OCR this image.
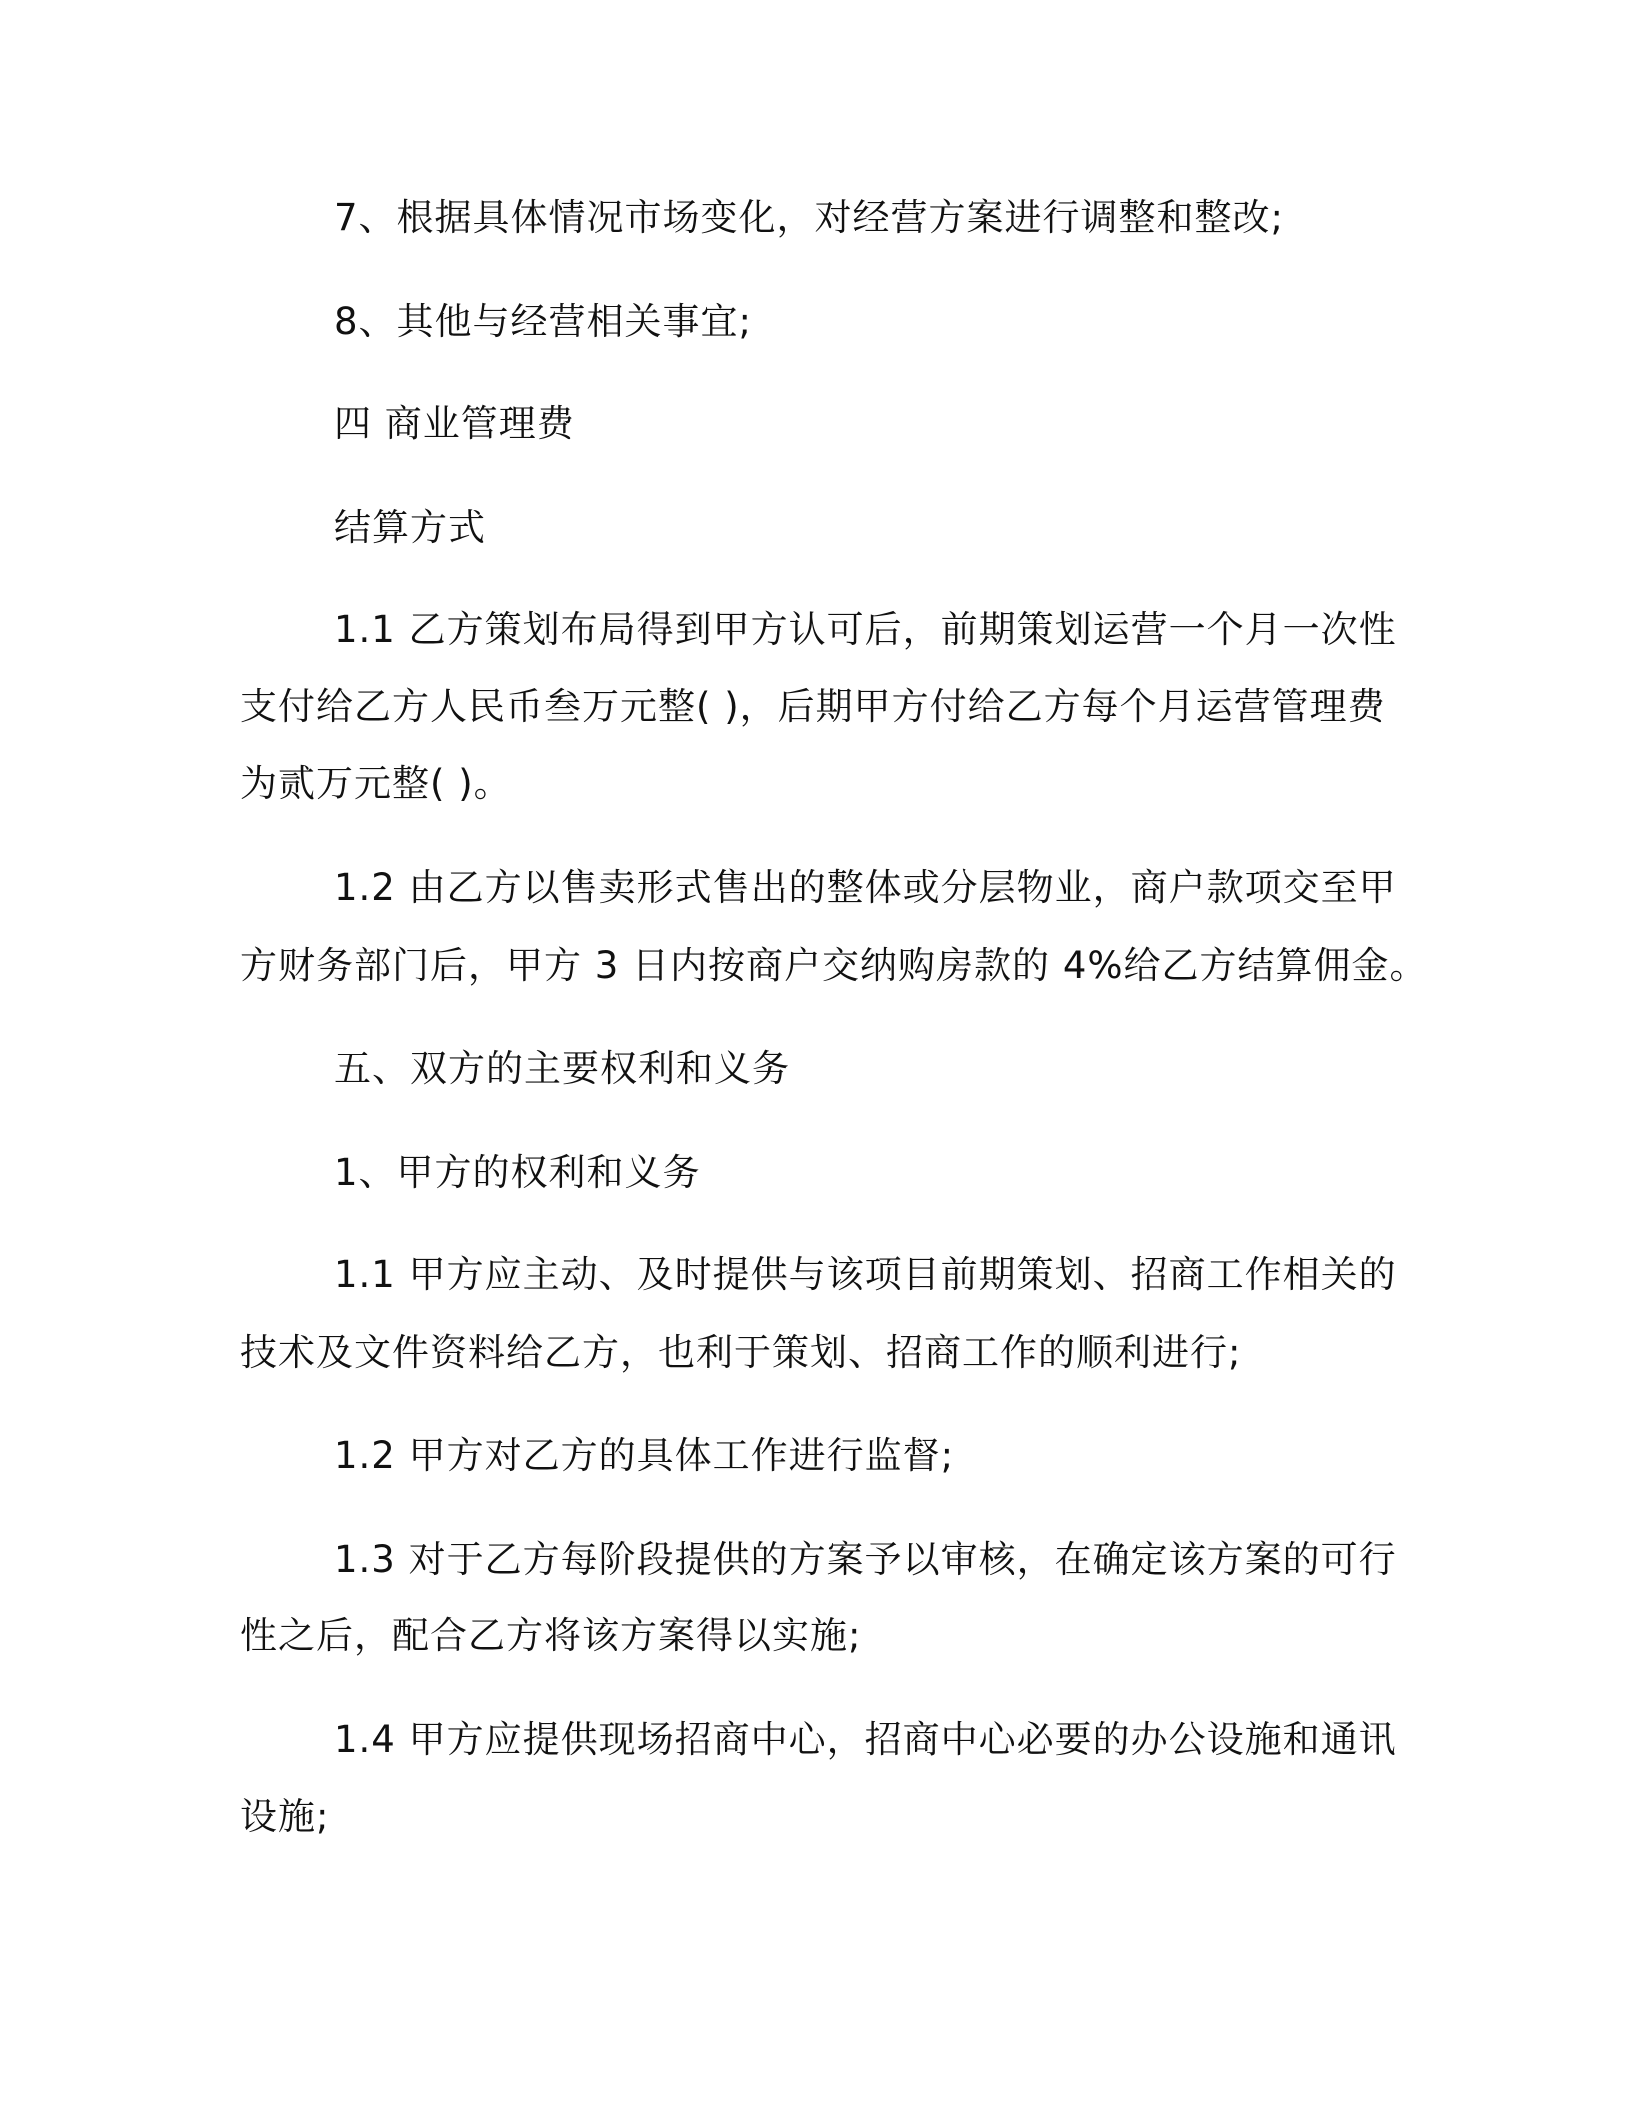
7、根据具体情况市场变化，对经营方案进行调整和整改;

8、其他与经营相关事宜;

四 商业管理费

结算方式

1.1 乙方策划布局得到甲方认可后，前期策划运营一个月一次性

支付给乙方人民币叁万元整( )，后期甲方付给乙方每个月运营管理费

为贰万元整( )。

1.2 由乙方以售卖形式售出的整体或分层物业，商户款项交至甲

方财务部门后，甲方 3 日内按商户交纳购房款的 4%给乙方结算佣金。

五、双方的主要权利和义务

1、甲方的权利和义务

1.1 甲方应主动、及时提供与该项目前期策划、招商工作相关的

技术及文件资料给乙方，也利于策划、招商工作的顺利进行;

1.2 甲方对乙方的具体工作进行监督;

1.3 对于乙方每阶段提供的方案予以审核，在确定该方案的可行

性之后，配合乙方将该方案得以实施;

1.4 甲方应提供现场招商中心，招商中心必要的办公设施和通讯

设施;
